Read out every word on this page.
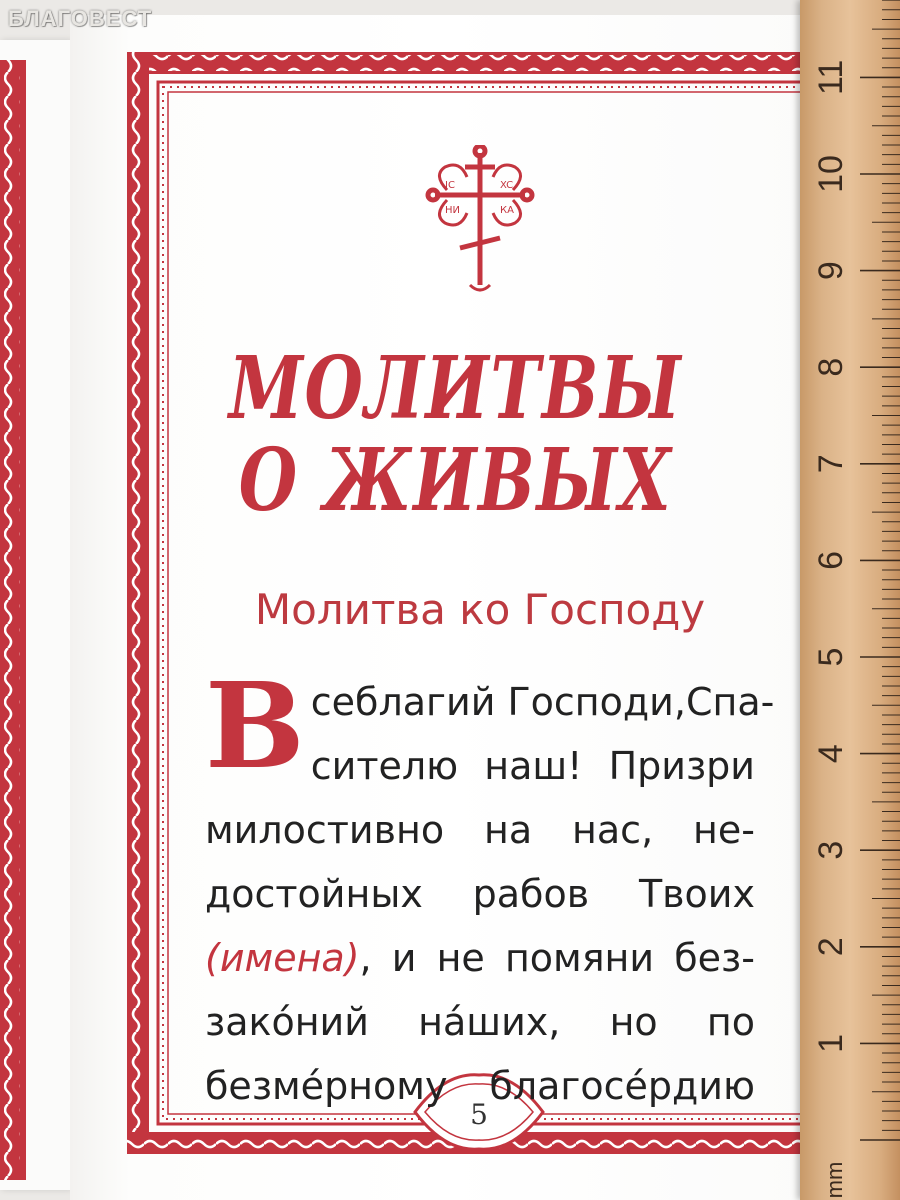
IC	XC
НИ	КА
МОЛИТВЫ
О ЖИВЫХ
Молитва ко Господу
В себлагий Господи, Спа-
сителю наш! Призри
милостивно на нас, не-
достойных рабов Твоих
(имена), и не помяни без-
закóний нáших, но по
безмéрному благосéрдию
5
mm
1
2
3
4
5
6
7
8
9
10
11
БЛАГОВЕСТ
